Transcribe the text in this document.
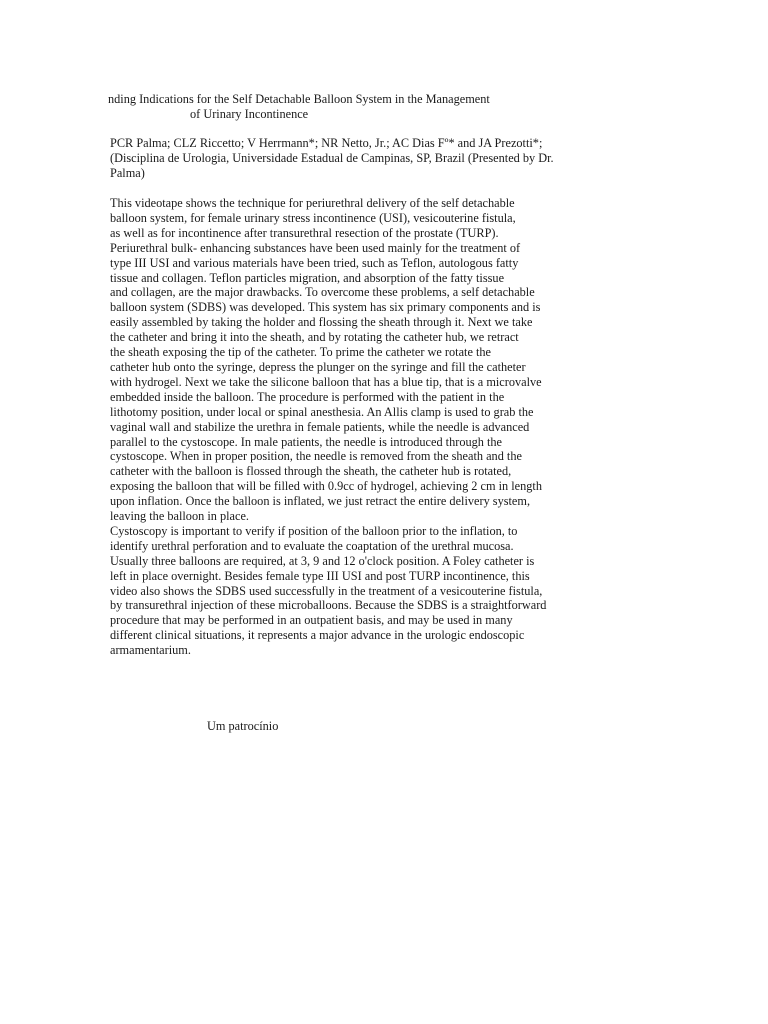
nding Indications for the Self Detachable Balloon System in the Management

of Urinary Incontinence

PCR Palma; CLZ Riccetto; V Herrmann*; NR Netto, Jr.; AC Dias Fº* and JA Prezotti*;
(Disciplina de Urologia, Universidade Estadual de Campinas, SP, Brazil (Presented by Dr.
Palma)

This videotape shows the technique for periurethral delivery of the self detachable
balloon system, for female urinary stress incontinence (USI), vesicouterine fistula,
as well as for incontinence after transurethral resection of the prostate (TURP).
Periurethral bulk- enhancing substances have been used mainly for the treatment of
type III USI and various materials have been tried, such as Teflon, autologous fatty
tissue and collagen. Teflon particles migration, and absorption of the fatty tissue
and collagen, are the major drawbacks. To overcome these problems, a self detachable
balloon system (SDBS) was developed. This system has six primary components and is
easily assembled by taking the holder and flossing the sheath through it. Next we take
the catheter and bring it into the sheath, and by rotating the catheter hub, we retract
the sheath exposing the tip of the catheter. To prime the catheter we rotate the
catheter hub onto the syringe, depress the plunger on the syringe and fill the catheter
with hydrogel. Next we take the silicone balloon that has a blue tip, that is a microvalve
embedded inside the balloon. The procedure is performed with the patient in the
lithotomy position, under local or spinal anesthesia. An Allis clamp is used to grab the
vaginal wall and stabilize the urethra in female patients, while the needle is advanced
parallel to the cystoscope. In male patients, the needle is introduced through the
cystoscope. When in proper position, the needle is removed from the sheath and the
catheter with the balloon is flossed through the sheath, the catheter hub is rotated,
exposing the balloon that will be filled with 0.9cc of hydrogel, achieving 2 cm in length
upon inflation. Once the balloon is inflated, we just retract the entire delivery system,
leaving the balloon in place.
Cystoscopy is important to verify if position of the balloon prior to the inflation, to
identify urethral perforation and to evaluate the coaptation of the urethral mucosa.
Usually three balloons are required, at 3, 9 and 12 o'clock position. A Foley catheter is
left in place overnight. Besides female type III USI and post TURP incontinence, this
video also shows the SDBS used successfully in the treatment of a vesicouterine fistula,
by transurethral injection of these microballoons. Because the SDBS is a straightforward
procedure that may be performed in an outpatient basis, and may be used in many
different clinical situations, it represents a major advance in the urologic endoscopic
armamentarium.

Um patrocínio
